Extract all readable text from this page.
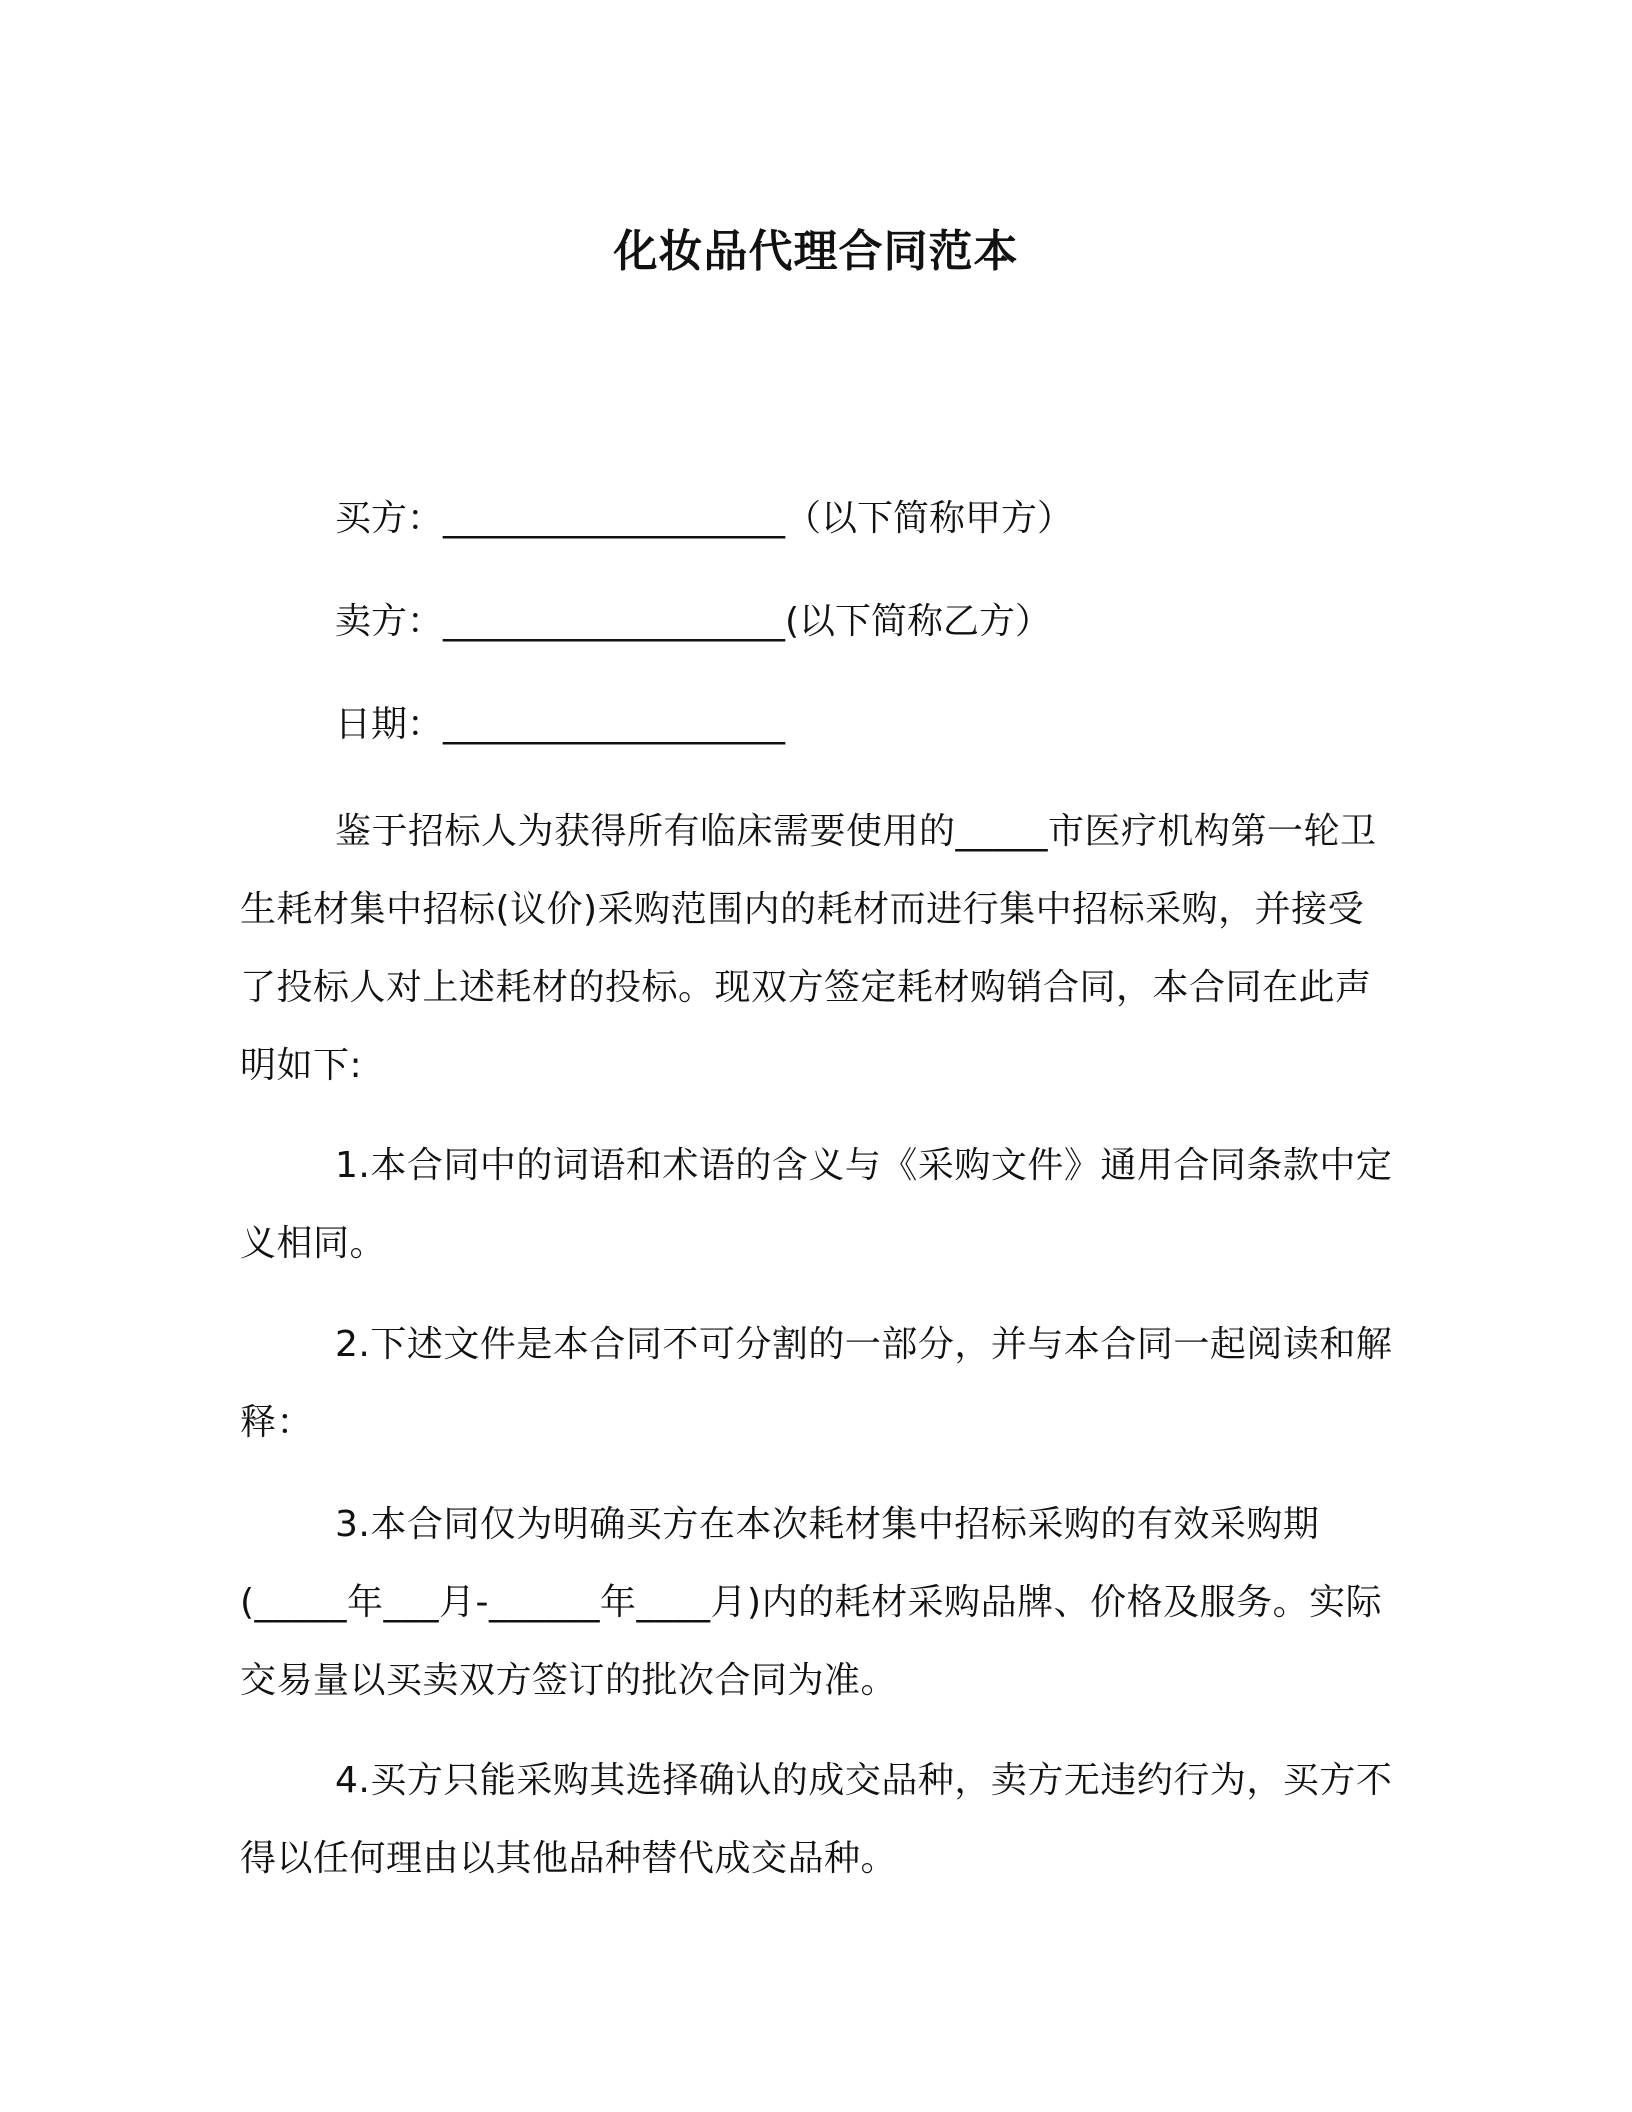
化妆品代理合同范本

买方：___________________（以下简称甲方）

卖方：___________________(以下简称乙方）

日期：___________________

鉴于招标人为获得所有临床需要使用的_____市医疗机构第一轮卫生耗材集中招标(议价)采购范围内的耗材而进行集中招标采购，并接受了投标人对上述耗材的投标。现双方签定耗材购销合同，本合同在此声明如下:

1.本合同中的词语和术语的含义与《采购文件》通用合同条款中定义相同。

2.下述文件是本合同不可分割的一部分，并与本合同一起阅读和解释：

3.本合同仅为明确买方在本次耗材集中招标采购的有效采购期(_____年___月-______年____月)内的耗材采购品牌、价格及服务。实际交易量以买卖双方签订的批次合同为准。

4.买方只能采购其选择确认的成交品种，卖方无违约行为，买方不得以任何理由以其他品种替代成交品种。
